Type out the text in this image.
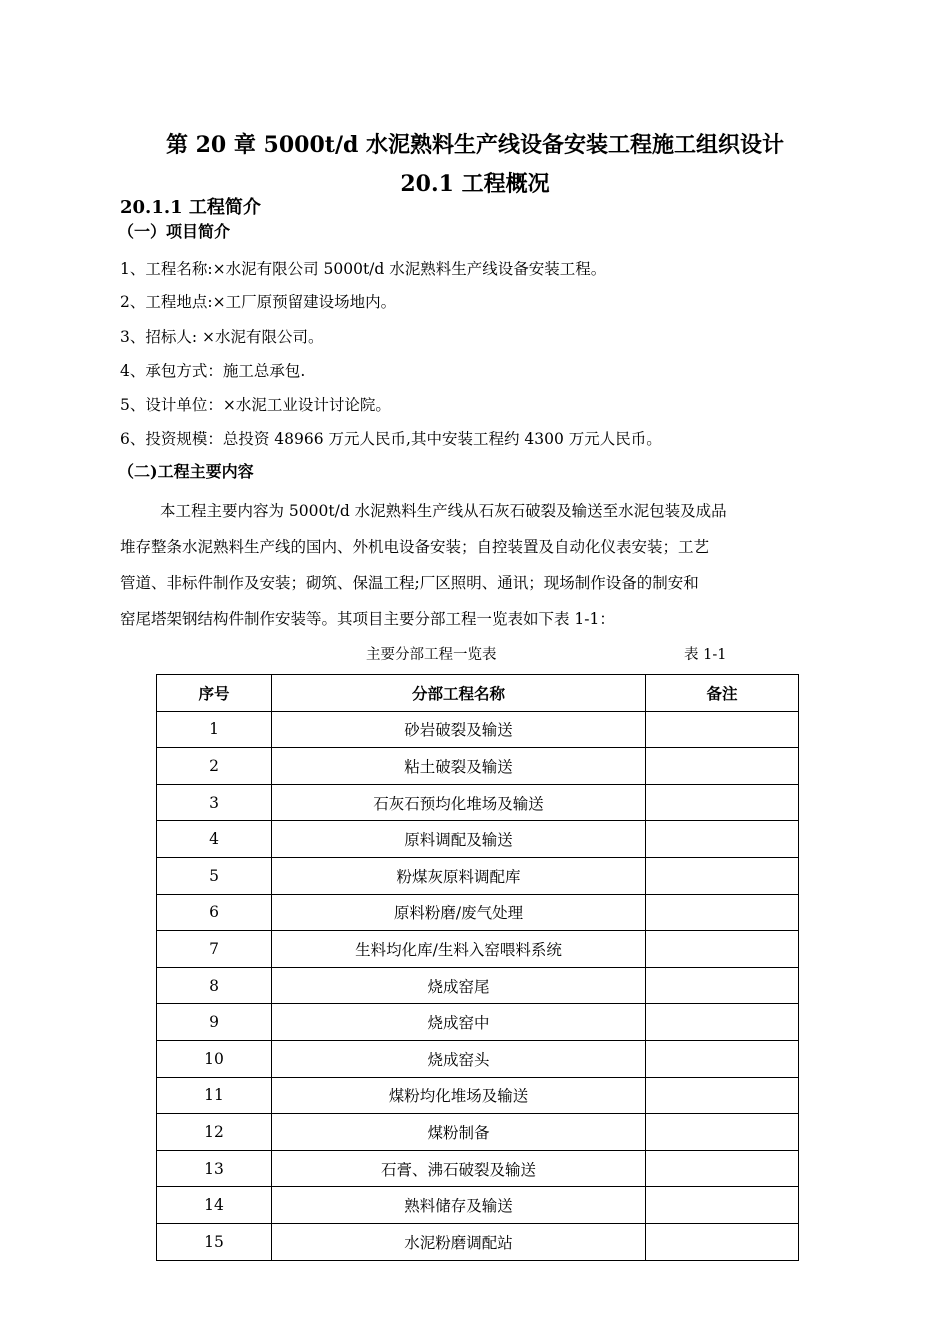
第 20 章 5000t/d 水泥熟料生产线设备安装工程施工组织设计
20.1 工程概况
20.1.1 工程简介
（一）项目简介
1、工程名称:×水泥有限公司 5000t/d 水泥熟料生产线设备安装工程。
2、工程地点:×工厂原预留建设场地内。
3、招标人: ×水泥有限公司。
4、承包方式：施工总承包.
5、设计单位：×水泥工业设计讨论院。
6、投资规模：总投资 48966 万元人民币,其中安装工程约 4300 万元人民币。
（二)工程主要内容
本工程主要内容为 5000t/d 水泥熟料生产线从石灰石破裂及输送至水泥包装及成品
堆存整条水泥熟料生产线的国内、外机电设备安装；自控装置及自动化仪表安装；工艺
管道、非标件制作及安装；砌筑、保温工程;厂区照明、通讯；现场制作设备的制安和
窑尾塔架钢结构件制作安装等。其项目主要分部工程一览表如下表 1-1：
主要分部工程一览表	表 1-1
序号	分部工程名称	备注
1	砂岩破裂及输送	
2	粘土破裂及输送	
3	石灰石预均化堆场及输送	
4	原料调配及输送	
5	粉煤灰原料调配库	
6	原料粉磨/废气处理	
7	生料均化库/生料入窑喂料系统	
8	烧成窑尾	
9	烧成窑中	
10	烧成窑头	
11	煤粉均化堆场及输送	
12	煤粉制备	
13	石膏、沸石破裂及输送	
14	熟料储存及输送	
15	水泥粉磨调配站	
